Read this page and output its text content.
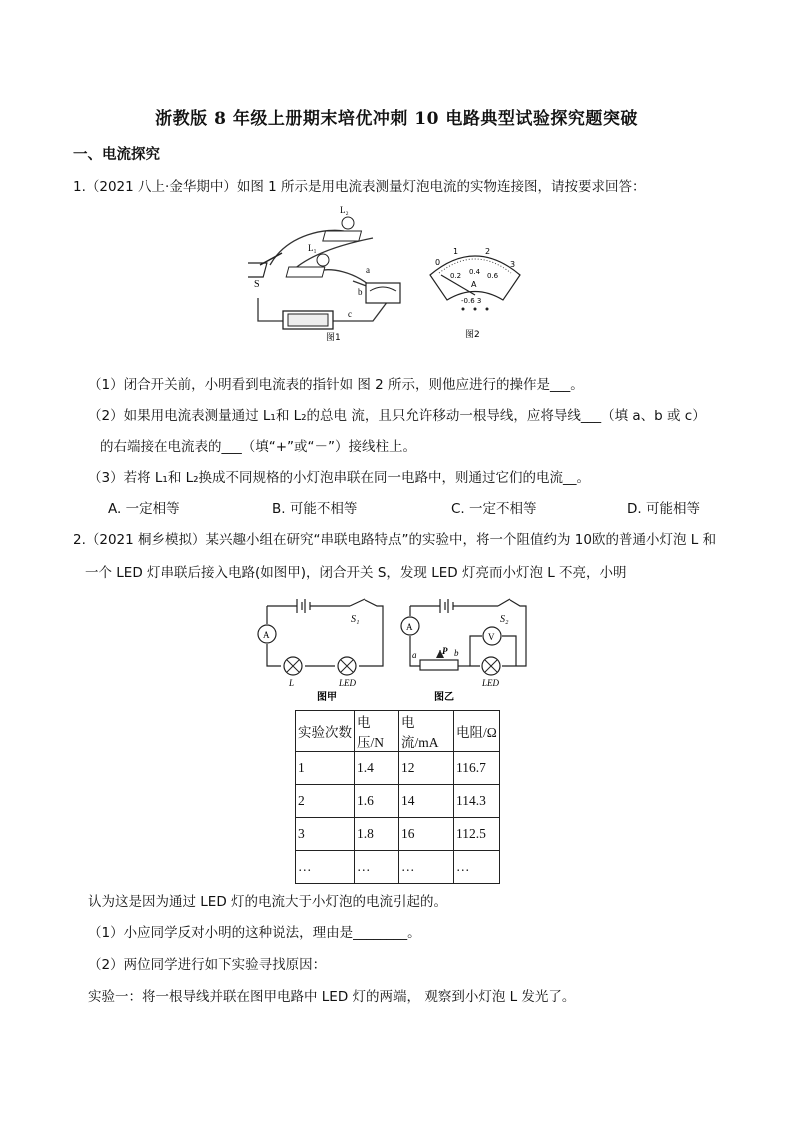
浙教版 8 年级上册期末培优冲刺 10 电路典型试验探究题突破
一、电流探究
1.（2021 八上·金华期中）如图 1 所示是用电流表测量灯泡电流的实物连接图，请按要求回答：
S
L₂
L₁
a
b
c
图1
0
1	2
3
0.2 0.4 0.6
A
-0.6 3
图2
（1）闭合开关前，小明看到电流表的指针如 图 2 所示，则他应进行的操作是___。
（2）如果用电流表测量通过 L₁和 L₂的总电 流，且只允许移动一根导线，应将导线___（填 a、b 或 c）
的右端接在电流表的___（填“+”或“－”）接线柱上。
（3）若将 L₁和 L₂换成不同规格的小灯泡串联在同一电路中，则通过它们的电流__。
A. 一定相等	B. 可能不相等	C. 一定不相等	D. 可能相等
2.（2021 桐乡模拟）某兴趣小组在研究“串联电路特点”的实验中，将一个阻值约为 10欧的普通小灯泡 L 和
一个 LED 灯串联后接入电路(如图甲)，闭合开关 S，发现 LED 灯亮而小灯泡 L 不亮，小明
A
S₁
L	LED
图甲
A
S₂
P
a	b
V
LED
图乙
实验次数	电压/N	电流/mA	电阻/Ω
1	1.4	12	116.7
2	1.6	14	114.3
3	1.8	16	112.5
…	…	…	…
认为这是因为通过 LED 灯的电流大于小灯泡的电流引起的。
（1）小应同学反对小明的这种说法，理由是________。
（2）两位同学进行如下实验寻找原因：
实验一：将一根导线并联在图甲电路中 LED 灯的两端， 观察到小灯泡 L 发光了。
